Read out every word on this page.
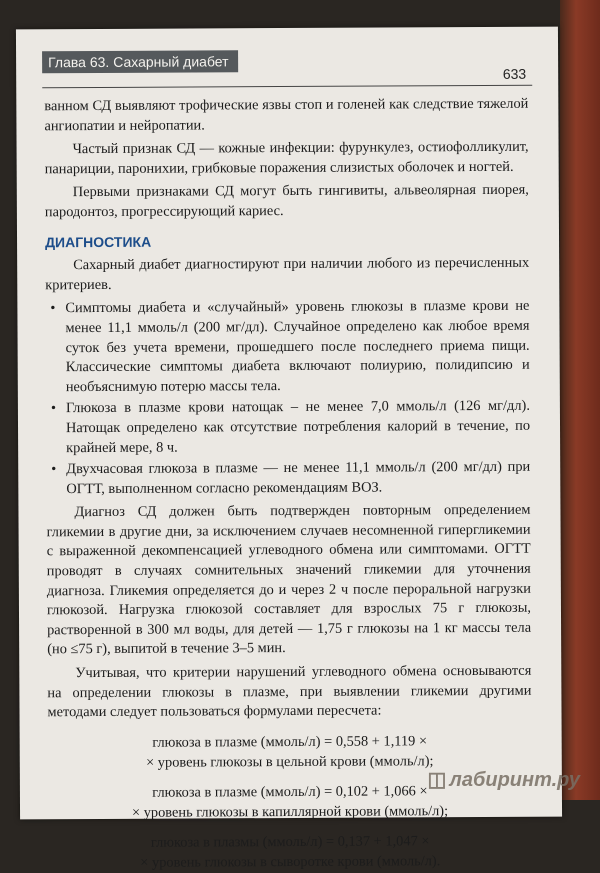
Глава 63. Сахарный диабет
633

ванном СД выявляют трофические язвы стоп и голеней как следствие тяжелой ангиопатии и нейропатии.

Частый признак СД — кожные инфекции: фурункулез, остиофолликулит, панариции, паронихии, грибковые поражения слизистых оболочек и ногтей.

Первыми признаками СД могут быть гингивиты, альвеолярная пиорея, пародонтоз, прогрессирующий кариес.

ДИАГНОСТИКА

Сахарный диабет диагностируют при наличии любого из перечисленных критериев.

• Симптомы диабета и «случайный» уровень глюкозы в плазме крови не менее 11,1 ммоль/л (200 мг/дл). Случайное определено как любое время суток без учета времени, прошедшего после последнего приема пищи. Классические симптомы диабета включают полиурию, полидипсию и необъяснимую потерю массы тела.
• Глюкоза в плазме крови натощак – не менее 7,0 ммоль/л (126 мг/дл). Натощак определено как отсутствие потребления калорий в течение, по крайней мере, 8 ч.
• Двухчасовая глюкоза в плазме — не менее 11,1 ммоль/л (200 мг/дл) при ОГТТ, выполненном согласно рекомендациям ВОЗ.

Диагноз СД должен быть подтвержден повторным определением гликемии в другие дни, за исключением случаев несомненной гипергликемии с выраженной декомпенсацией углеводного обмена или симптомами. ОГТТ проводят в случаях сомнительных значений гликемии для уточнения диагноза. Гликемия определяется до и через 2 ч после пероральной нагрузки глюкозой. Нагрузка глюкозой составляет для взрослых 75 г глюкозы, растворенной в 300 мл воды, для детей — 1,75 г глюкозы на 1 кг массы тела (но ≤75 г), выпитой в течение 3–5 мин.

Учитывая, что критерии нарушений углеводного обмена основываются на определении глюкозы в плазме, при выявлении гликемии другими методами следует пользоваться формулами пересчета:

глюкоза в плазме (ммоль/л) = 0,558 + 1,119 ×
× уровень глюкозы в цельной крови (ммоль/л);
глюкоза в плазме (ммоль/л) = 0,102 + 1,066 ×
× уровень глюкозы в капиллярной крови (ммоль/л);
глюкоза в плазмы (ммоль/л) = 0,137 + 1,047 ×
× уровень глюкозы в сыворотке крови (ммоль/л).
◫ лабиринт.ру
